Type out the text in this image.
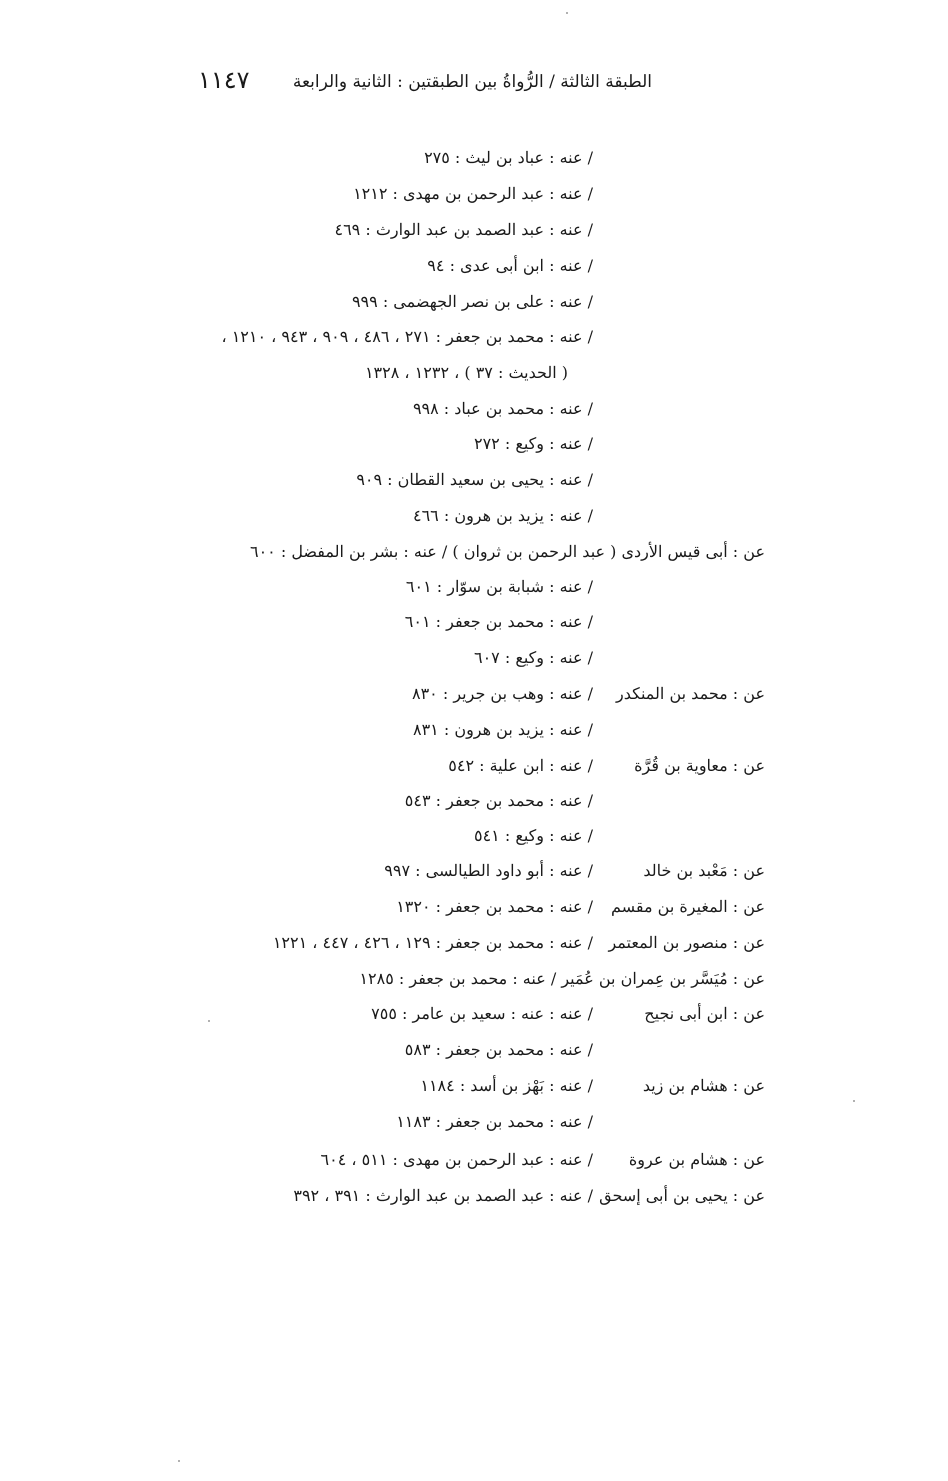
الطبقة الثالثة / الرُّواةُ بين الطبقتين : الثانية والرابعة
١١٤٧
/ عنه : عباد بن ليث : ٢٧٥
/ عنه : عبد الرحمن بن مهدى : ١٢١٢
/ عنه : عبد الصمد بن عبد الوارث : ٤٦٩
/ عنه : ابن أبى عدى : ٩٤
/ عنه : على بن نصر الجهضمى : ٩٩٩
/ عنه : محمد بن جعفر : ٢٧١ ، ٤٨٦ ، ٩٠٩ ، ٩٤٣ ، ١٢١٠ ،
( الحديث : ٣٧ ) ، ١٢٣٢ ، ١٣٢٨
/ عنه : محمد بن عباد : ٩٩٨
/ عنه : وكيع : ٢٧٢
/ عنه : يحيى بن سعيد القطان : ٩٠٩
/ عنه : يزيد بن هرون : ٤٦٦
عن : أبى قيس الأردى ( عبد الرحمن بن ثروان ) / عنه : بشر بن المفضل : ٦٠٠
/ عنه : شبابة بن سوّار : ٦٠١
/ عنه : محمد بن جعفر : ٦٠١
/ عنه : وكيع : ٦٠٧
عن : محمد بن المنكدر
/ عنه : وهب بن جرير : ٨٣٠
/ عنه : يزيد بن هرون : ٨٣١
عن : معاوية بن قُرَّة
/ عنه : ابن علية : ٥٤٢
/ عنه : محمد بن جعفر : ٥٤٣
/ عنه : وكيع : ٥٤١
عن : مَعْبد بن خالد
/ عنه : أبو داود الطيالسى : ٩٩٧
عن : المغيرة بن مقسم
/ عنه : محمد بن جعفر : ١٣٢٠
عن : منصور بن المعتمر
/ عنه : محمد بن جعفر : ١٢٩ ، ٤٢٦ ، ٤٤٧ ، ١٢٢١
عن : مُيَسَّر بن عِمران بن عُمَير / عنه : محمد بن جعفر : ١٢٨٥
عن : ابن أبى نجيح
/ عنه : عنه : سعيد بن عامر : ٧٥٥
/ عنه : محمد بن جعفر : ٥٨٣
عن : هشام بن زيد
/ عنه : بَهْز بن أسد : ١١٨٤
/ عنه : محمد بن جعفر : ١١٨٣
عن : هشام بن عروة
/ عنه : عبد الرحمن بن مهدى : ٥١١ ، ٦٠٤
عن : يحيى بن أبى إسحق
/ عنه : عبد الصمد بن عبد الوارث : ٣٩١ ، ٣٩٢
